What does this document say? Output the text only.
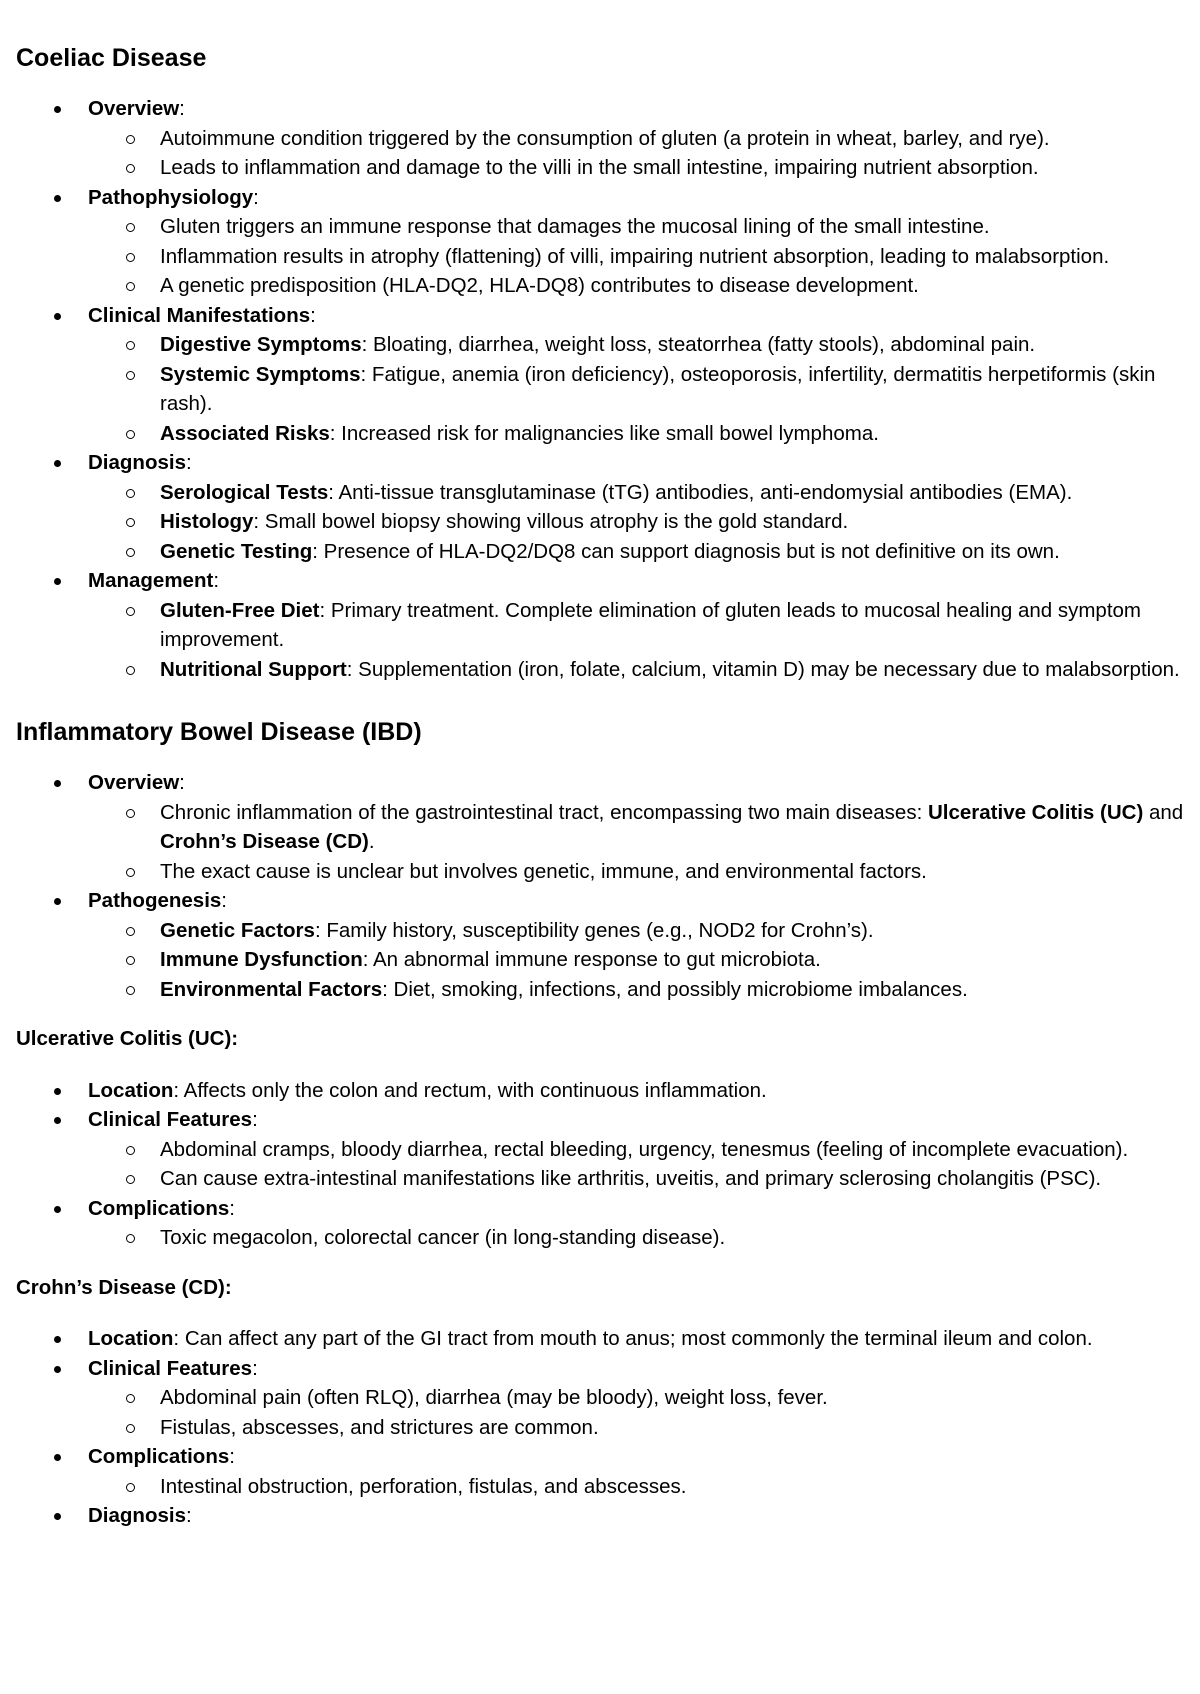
Coeliac Disease
Overview:
Autoimmune condition triggered by the consumption of gluten (a protein in wheat, barley, and rye).
Leads to inflammation and damage to the villi in the small intestine, impairing nutrient absorption.
Pathophysiology:
Gluten triggers an immune response that damages the mucosal lining of the small intestine.
Inflammation results in atrophy (flattening) of villi, impairing nutrient absorption, leading to malabsorption.
A genetic predisposition (HLA-DQ2, HLA-DQ8) contributes to disease development.
Clinical Manifestations:
Digestive Symptoms: Bloating, diarrhea, weight loss, steatorrhea (fatty stools), abdominal pain.
Systemic Symptoms: Fatigue, anemia (iron deficiency), osteoporosis, infertility, dermatitis herpetiformis (skin rash).
Associated Risks: Increased risk for malignancies like small bowel lymphoma.
Diagnosis:
Serological Tests: Anti-tissue transglutaminase (tTG) antibodies, anti-endomysial antibodies (EMA).
Histology: Small bowel biopsy showing villous atrophy is the gold standard.
Genetic Testing: Presence of HLA-DQ2/DQ8 can support diagnosis but is not definitive on its own.
Management:
Gluten-Free Diet: Primary treatment. Complete elimination of gluten leads to mucosal healing and symptom improvement.
Nutritional Support: Supplementation (iron, folate, calcium, vitamin D) may be necessary due to malabsorption.
Inflammatory Bowel Disease (IBD)
Overview:
Chronic inflammation of the gastrointestinal tract, encompassing two main diseases: Ulcerative Colitis (UC) and Crohn’s Disease (CD).
The exact cause is unclear but involves genetic, immune, and environmental factors.
Pathogenesis:
Genetic Factors: Family history, susceptibility genes (e.g., NOD2 for Crohn’s).
Immune Dysfunction: An abnormal immune response to gut microbiota.
Environmental Factors: Diet, smoking, infections, and possibly microbiome imbalances.
Ulcerative Colitis (UC):
Location: Affects only the colon and rectum, with continuous inflammation.
Clinical Features:
Abdominal cramps, bloody diarrhea, rectal bleeding, urgency, tenesmus (feeling of incomplete evacuation).
Can cause extra-intestinal manifestations like arthritis, uveitis, and primary sclerosing cholangitis (PSC).
Complications:
Toxic megacolon, colorectal cancer (in long-standing disease).
Crohn’s Disease (CD):
Location: Can affect any part of the GI tract from mouth to anus; most commonly the terminal ileum and colon.
Clinical Features:
Abdominal pain (often RLQ), diarrhea (may be bloody), weight loss, fever.
Fistulas, abscesses, and strictures are common.
Complications:
Intestinal obstruction, perforation, fistulas, and abscesses.
Diagnosis:
